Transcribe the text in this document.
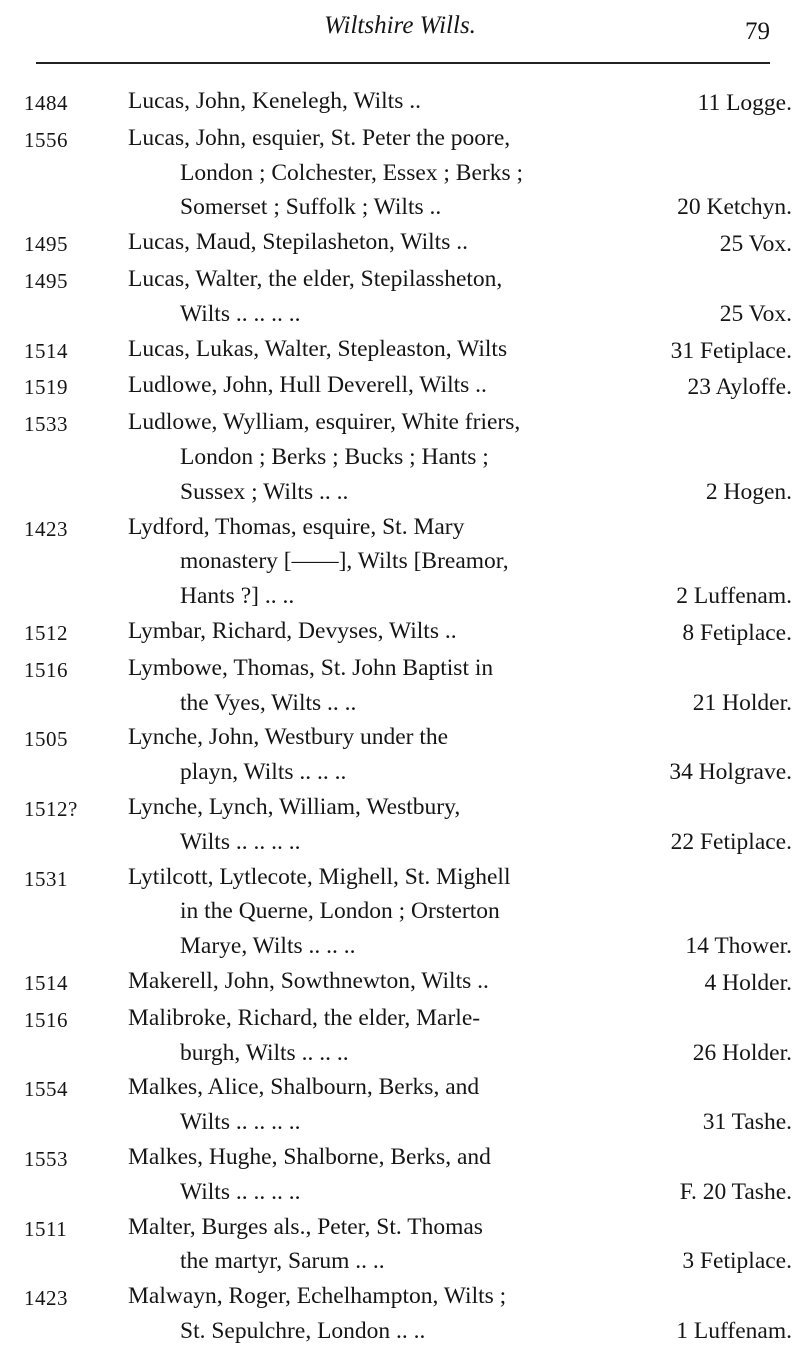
Wiltshire Wills.	79
1484	Lucas, John, Kenelegh, Wilts ..	11 Logge.
1556	Lucas, John, esquier, St. Peter the poore,
London ; Colchester, Essex ; Berks ;
Somerset ; Suffolk ; Wilts ..	20 Ketchyn.
1495	Lucas, Maud, Stepilasheton, Wilts ..	25 Vox.
1495	Lucas, Walter, the elder, Stepilassheton,
Wilts .. .. .. ..	25 Vox.
1514	Lucas, Lukas, Walter, Stepleaston, Wilts	31 Fetiplace.
1519	Ludlowe, John, Hull Deverell, Wilts ..	23 Ayloffe.
1533	Ludlowe, Wylliam, esquirer, White friers,
London ; Berks ; Bucks ; Hants ;
Sussex ; Wilts .. ..	2 Hogen.
1423	Lydford, Thomas, esquire, St. Mary
monastery [——], Wilts [Breamor,
Hants ?] .. ..	2 Luffenam.
1512	Lymbar, Richard, Devyses, Wilts ..	8 Fetiplace.
1516	Lymbowe, Thomas, St. John Baptist in
the Vyes, Wilts .. ..	21 Holder.
1505	Lynche, John, Westbury under the
playn, Wilts .. .. ..	34 Holgrave.
1512?	Lynche, Lynch, William, Westbury,
Wilts .. .. .. ..	22 Fetiplace.
1531	Lytilcott, Lytlecote, Mighell, St. Mighell
in the Querne, London ; Orsterton
Marye, Wilts .. .. ..	14 Thower.
1514	Makerell, John, Sowthnewton, Wilts ..	4 Holder.
1516	Malibroke, Richard, the elder, Marle-
burgh, Wilts .. .. ..	26 Holder.
1554	Malkes, Alice, Shalbourn, Berks, and
Wilts .. .. .. ..	31 Tashe.
1553	Malkes, Hughe, Shalborne, Berks, and
Wilts .. .. .. ..	F. 20 Tashe.
1511	Malter, Burges als., Peter, St. Thomas
the martyr, Sarum .. ..	3 Fetiplace.
1423	Malwayn, Roger, Echelhampton, Wilts ;
St. Sepulchre, London .. ..	1 Luffenam.
